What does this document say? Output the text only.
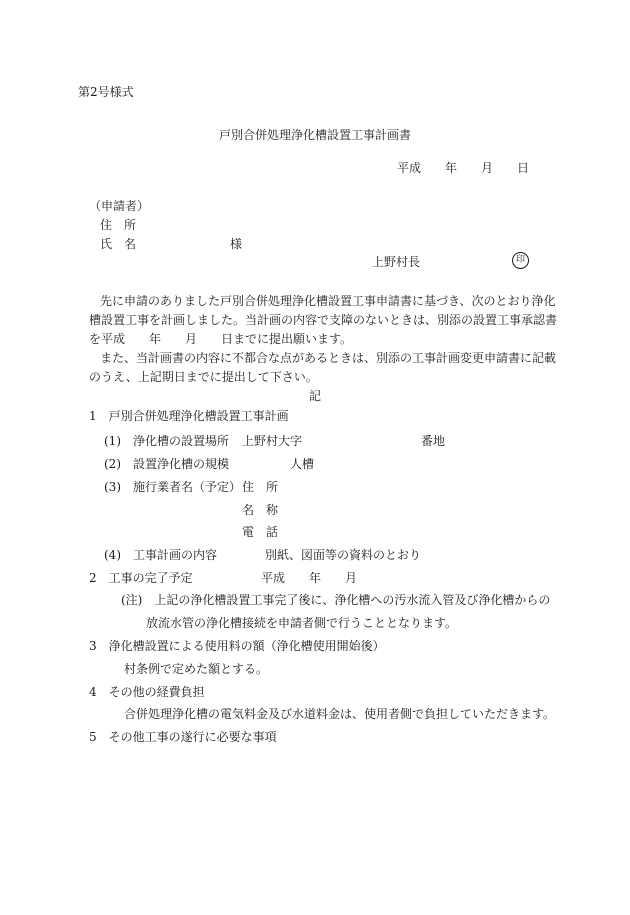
第2号様式
戸別合併処理浄化槽設置工事計画書
平成　　年　　月　　日
（申請者）
住　所
氏　名	様
上野村長	印
先に申請のありました戸別合併処理浄化槽設置工事申請書に基づき、次のとおり浄化
槽設置工事を計画しました。当計画の内容で支障のないときは、別添の設置工事承認書
を平成　　年　　月　　日までに提出願います。
また、当計画書の内容に不都合な点があるときは、別添の工事計画変更申請書に記載
のうえ、上記期日までに提出して下さい。
記
1　戸別合併処理浄化槽設置工事計画
(1)　浄化槽の設置場所 上野村大字	番地
(2)　設置浄化槽の規模	人槽
(3)　施行業者名（予定） 住　所
名　称
電　話
(4)　工事計画の内容	別紙、図面等の資料のとおり
2　工事の完了予定	平成　　年　　月
(注)　上記の浄化槽設置工事完了後に、浄化槽への汚水流入管及び浄化槽からの
放流水管の浄化槽接続を申請者側で行うこととなります。
3　浄化槽設置による使用料の額（浄化槽使用開始後）
村条例で定めた額とする。
4　その他の経費負担
合併処理浄化槽の電気料金及び水道料金は、使用者側で負担していただきます。
5　その他工事の遂行に必要な事項
